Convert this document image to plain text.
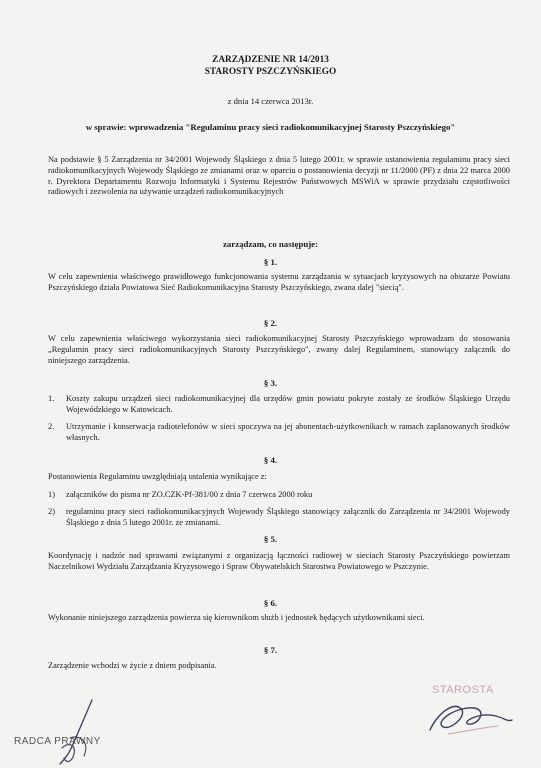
ZARZĄDZENIE NR 14/2013
STAROSTY PSZCZYŃSKIEGO
z dnia 14 czerwca 2013r.
w sprawie: wprowadzenia "Regulaminu pracy sieci radiokomunikacyjnej Starosty Pszczyńskiego"
Na podstawie § 5 Zarządzenia nr 34/2001 Wojewody Śląskiego z dnia 5 lutego 2001r. w sprawie ustanowienia regulaminu pracy sieci radiokomunikacyjnych Wojewody Śląskiego ze zmianami oraz w oparciu o postanowienia decyzji nr 11/2000 (PF) z dnia 22 marca 2000 r. Dyrektora Departamentu Rozwoju Informatyki i Systemu Rejestrów Państwowych MSWiA w sprawie przydziału częstotliwości radiowych i zezwolenia na używanie urządzeń radiokomunikacyjnych
zarządzam, co następuje:
§ 1.
W celu zapewnienia właściwego prawidłowego funkcjonowania systemu zarządzania w sytuacjach kryzysowych na obszarze Powiatu Pszczyńskiego działa Powiatowa Sieć Radiokomunikacyjna Starosty Pszczyńskiego, zwana dalej "siecią".
§ 2.
W celu zapewnienia właściwego wykorzystania sieci radiokomunikacyjnej Starosty Pszczyńskiego wprowadzam do stosowania „Regulamin pracy sieci radiokomunikacyjnych Starosty Pszczyńskiego", zwany dalej Regulaminem, stanowiący załącznik do niniejszego zarządzenia.
§ 3.
1. Koszty zakupu urządzeń sieci radiokomunikacyjnej dla urzędów gmin powiatu pokryte zostały ze środków Śląskiego Urzędu Wojewódzkiego w Katowicach.
2. Utrzymanie i konserwacja radiotelefonów w sieci spoczywa na jej abonentach-użytkownikach w ramach zaplanowanych środków własnych.
§ 4.
Postanowienia Regulaminu uwzględniają ustalenia wynikające z:
1) załączników do pisma nr ZO.CZK-Pf-381/00 z dnia 7 czerwca 2000 roku
2) regulaminu pracy sieci radiokomunikacyjnych Wojewody Śląskiego stanowiący załącznik do Zarządzenia nr 34/2001 Wojewody Śląskiego z dnia 5 lutego 2001r. ze zmianami.
§ 5.
Koordynację i nadzór nad sprawami związanymi z organizacją łączności radiowej w sieciach Starosty Pszczyńskiego powierzam Naczelnikowi Wydziału Zarządzania Kryzysowego i Spraw Obywatelskich Starostwa Powiatowego w Pszczynie.
§ 6.
Wykonanie niniejszego zarządzenia powierza się kierownikom służb i jednostek będących użytkownikami sieci.
§ 7.
Zarządzenie wchodzi w życie z dniem podpisania.
STAROSTA
RADCA PRAWNY
